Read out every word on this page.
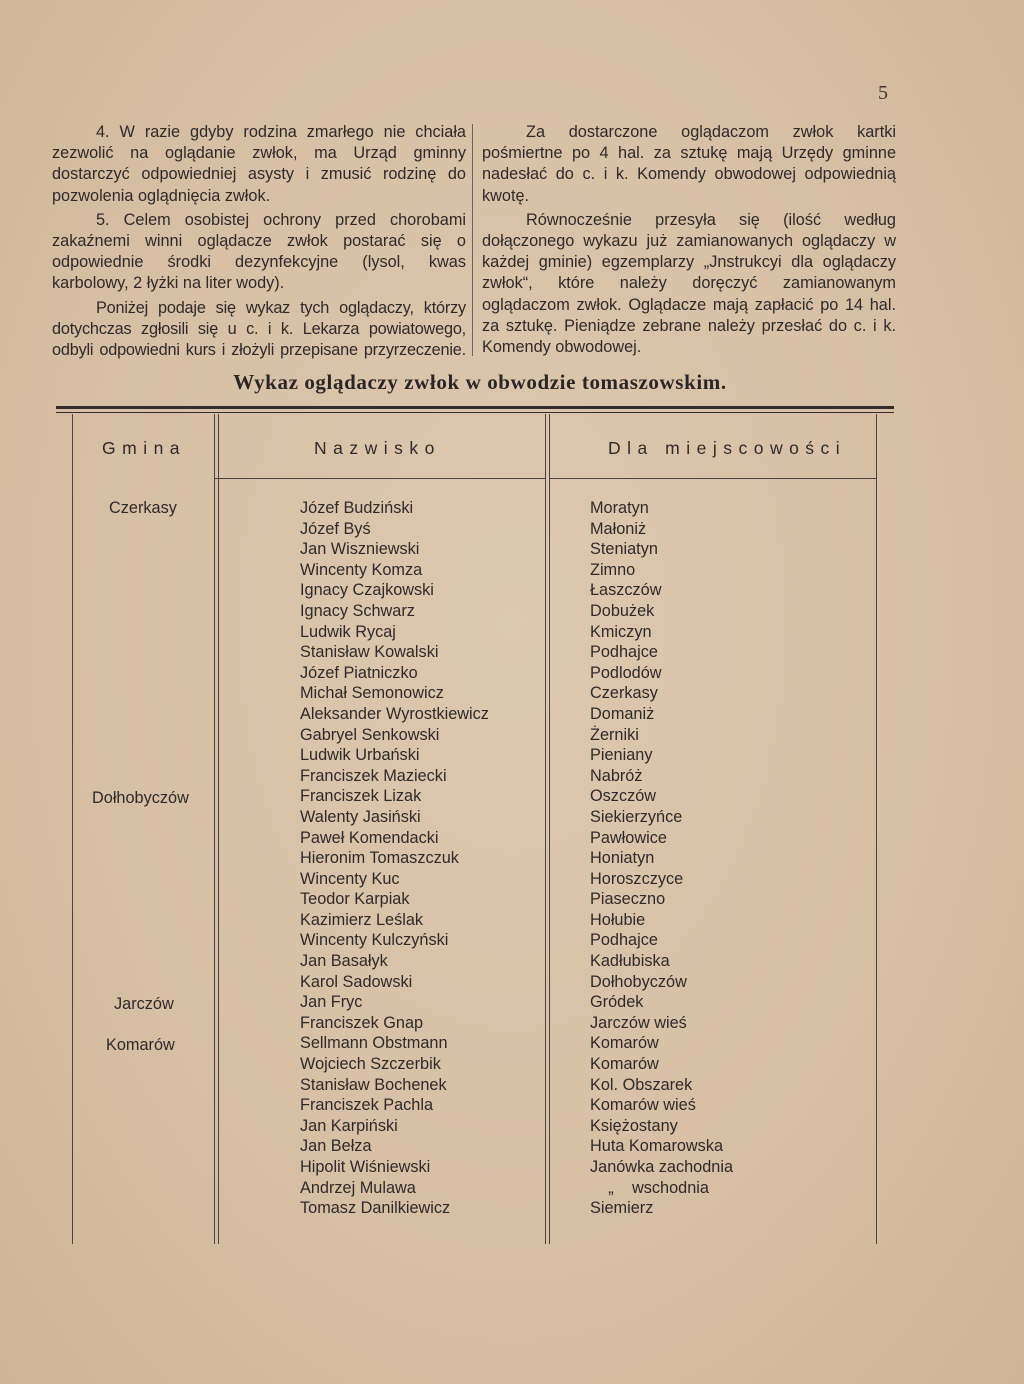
5

4. W razie gdyby rodzina zmarłego nie chciała zezwolić na oglądanie zwłok, ma Urząd gminny dostarczyć odpowiedniej asysty i zmusić rodzinę do pozwolenia oglądnięcia zwłok.

5. Celem osobistej ochrony przed chorobami zakaźnemi winni oglądacze zwłok postarać się o odpowiednie środki dezynfekcyjne (lysol, kwas karbolowy, 2 łyżki na liter wody).

Poniżej podaje się wykaz tych oglądaczy, którzy dotychczas zgłosili się u c. i k. Lekarza powiatowego, odbyli odpowiedni kurs i złożyli przepisane przyrzeczenie.

Za dostarczone oglądaczom zwłok kartki pośmiertne po 4 hal. za sztukę mają Urzędy gminne nadesłać do c. i k. Komendy obwodowej odpowiednią kwotę.

Równocześnie przesyła się (ilość według dołączonego wykazu już zamianowanych oglądaczy w każdej gminie) egzemplarzy „Jnstrukcyi dla oglądaczy zwłok“, które należy doręczyć zamianowanym oglądaczom zwłok. Oglądacze mają zapłacić po 14 hal. za sztukę. Pieniądze zebrane należy przesłać do c. i k. Komendy obwodowej.

Wykaz oglądaczy zwłok w obwodzie tomaszowskim.
Gmina	Nazwisko	Dla miejscowości
Czerkasy
Dołhobyczów
Jarczów
Komarów
Józef Budziński
Józef Byś
Jan Wiszniewski
Wincenty Komza
Ignacy Czajkowski
Ignacy Schwarz
Ludwik Rycaj
Stanisław Kowalski
Józef Piatniczko
Michał Semonowicz
Aleksander Wyrostkiewicz
Gabryel Senkowski
Ludwik Urbański
Franciszek Maziecki
Franciszek Lizak
Walenty Jasiński
Paweł Komendacki
Hieronim Tomaszczuk
Wincenty Kuc
Teodor Karpiak
Kazimierz Leślak
Wincenty Kulczyński
Jan Basałyk
Karol Sadowski
Jan Fryc
Franciszek Gnap
Sellmann Obstmann
Wojciech Szczerbik
Stanisław Bochenek
Franciszek Pachla
Jan Karpiński
Jan Bełza
Hipolit Wiśniewski
Andrzej Mulawa
Tomasz Danilkiewicz
Moratyn
Małoniż
Steniatyn
Zimno
Łaszczów
Dobużek
Kmiczyn
Podhajce
Podlodów
Czerkasy
Domaniż
Żerniki
Pieniany
Nabróż
Oszczów
Siekierzyńce
Pawłowice
Honiatyn
Horoszczyce
Piaseczno
Hołubie
Podhajce
Kadłubiska
Dołhobyczów
Gródek
Jarczów wieś
Komarów
Komarów
Kol. Obszarek
Komarów wieś
Księżostany
Huta Komarowska
Janówka zachodnia
„ wschodnia
Siemierz
